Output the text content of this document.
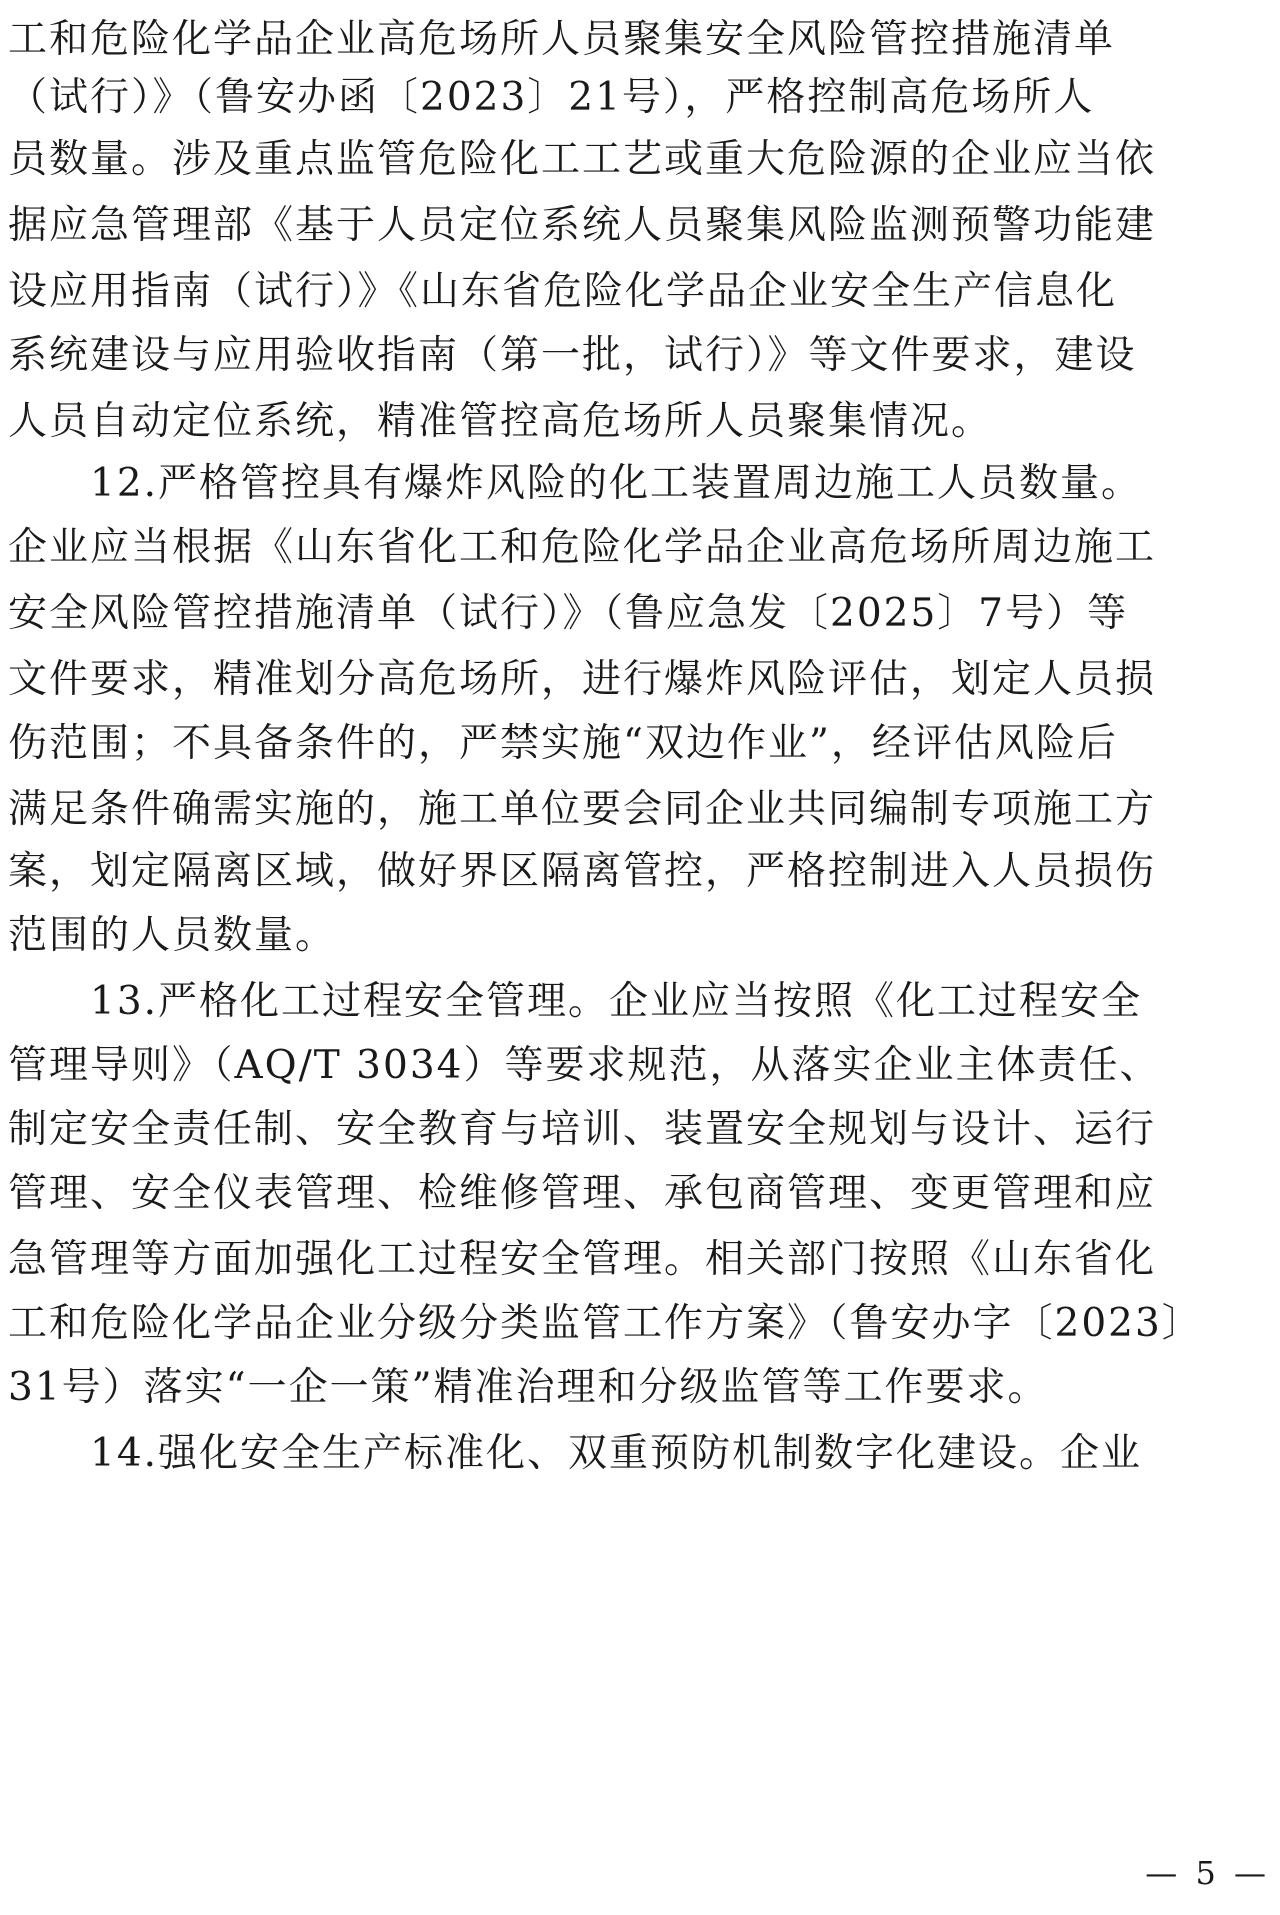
工和危险化学品企业高危场所人员聚集安全风险管控措施清单
（试行）》（鲁安办函〔2023〕21号），严格控制高危场所人
员数量。涉及重点监管危险化工工艺或重大危险源的企业应当依
据应急管理部《基于人员定位系统人员聚集风险监测预警功能建
设应用指南（试行）》《山东省危险化学品企业安全生产信息化
系统建设与应用验收指南（第一批，试行）》等文件要求，建设
人员自动定位系统，精准管控高危场所人员聚集情况。
　　12.严格管控具有爆炸风险的化工装置周边施工人员数量。
企业应当根据《山东省化工和危险化学品企业高危场所周边施工
安全风险管控措施清单（试行）》（鲁应急发〔2025〕7号）等
文件要求，精准划分高危场所，进行爆炸风险评估，划定人员损
伤范围；不具备条件的，严禁实施“双边作业”，经评估风险后
满足条件确需实施的，施工单位要会同企业共同编制专项施工方
案，划定隔离区域，做好界区隔离管控，严格控制进入人员损伤
范围的人员数量。
　　13.严格化工过程安全管理。企业应当按照《化工过程安全
管理导则》（AQ/T 3034）等要求规范，从落实企业主体责任、
制定安全责任制、安全教育与培训、装置安全规划与设计、运行
管理、安全仪表管理、检维修管理、承包商管理、变更管理和应
急管理等方面加强化工过程安全管理。相关部门按照《山东省化
工和危险化学品企业分级分类监管工作方案》（鲁安办字〔2023〕
31号）落实“一企一策”精准治理和分级监管等工作要求。
　　14.强化安全生产标准化、双重预防机制数字化建设。企业
— 5 —
